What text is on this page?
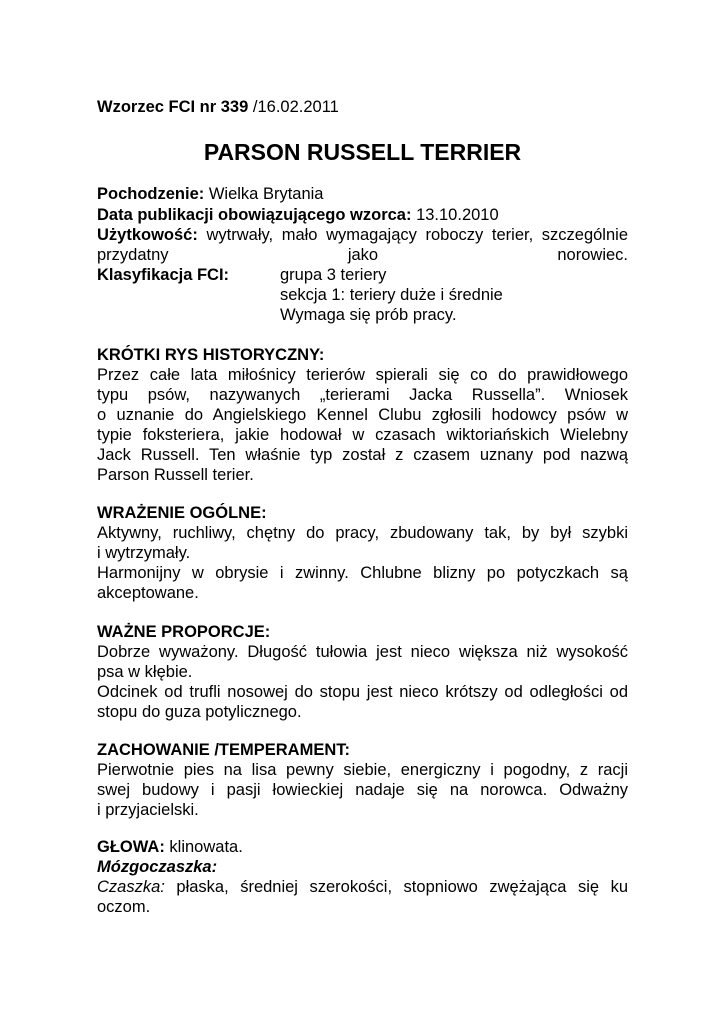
Wzorzec FCI nr 339 /16.02.2011
PARSON RUSSELL TERRIER
Pochodzenie: Wielka Brytania
Data publikacji obowiązującego wzorca: 13.10.2010
Użytkowość: wytrwały, mało wymagający roboczy terier, szczególnie przydatny jako norowiec.
Klasyfikacja FCI:	grupa 3 teriery
sekcja 1: teriery duże i średnie
Wymaga się prób pracy.
KRÓTKI RYS HISTORYCZNY:
Przez całe lata miłośnicy terierów spierali się co do prawidłowego
typu psów, nazywanych „terierami Jacka Russella”. Wniosek
o uznanie do Angielskiego Kennel Clubu zgłosili hodowcy psów w
typie foksteriera, jakie hodował w czasach wiktoriańskich Wielebny
Jack Russell. Ten właśnie typ został z czasem uznany pod nazwą
Parson Russell terier.
WRAŻENIE OGÓLNE:
Aktywny, ruchliwy, chętny do pracy, zbudowany tak, by był szybki
i wytrzymały.
Harmonijny w obrysie i zwinny. Chlubne blizny po potyczkach są
akceptowane.
WAŻNE PROPORCJE:
Dobrze wyważony. Długość tułowia jest nieco większa niż wysokość
psa w kłębie.
Odcinek od trufli nosowej do stopu jest nieco krótszy od odległości od
stopu do guza potylicznego.
ZACHOWANIE /TEMPERAMENT:
Pierwotnie pies na lisa pewny siebie, energiczny i pogodny, z racji
swej budowy i pasji łowieckiej nadaje się na norowca. Odważny
i przyjacielski.
GŁOWA: klinowata.
Mózgoczaszka:
Czaszka: płaska, średniej szerokości, stopniowo zwężająca się ku
oczom.
